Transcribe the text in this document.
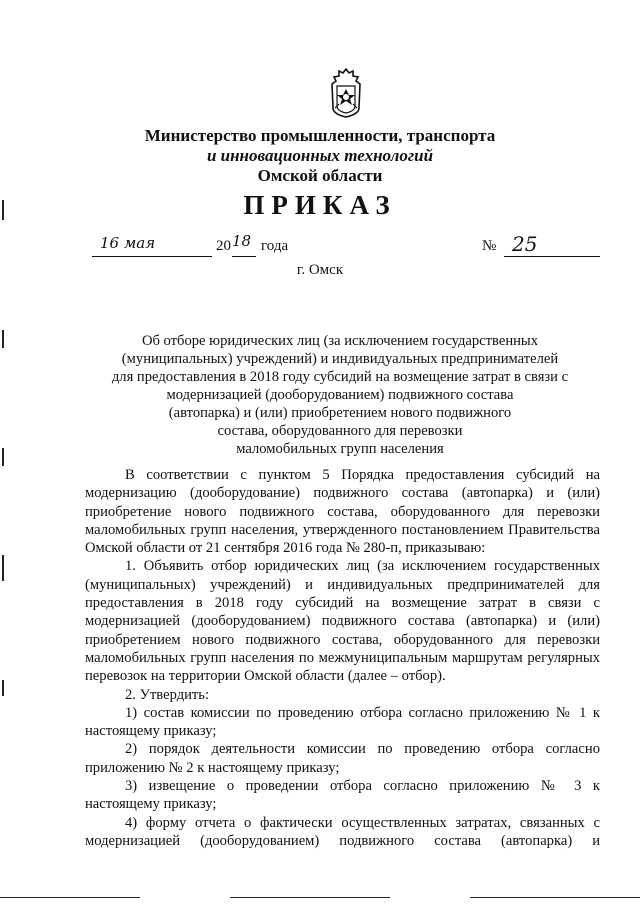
Министерство промышленности, транспорта
и инновационных технологий
Омской области
ПРИКАЗ
16 мая	20 18 года	№ 25
г. Омск
Об отборе юридических лиц (за исключением государственных
(муниципальных) учреждений) и индивидуальных предпринимателей
для предоставления в 2018 году субсидий на возмещение затрат в связи с
модернизацией (дооборудованием) подвижного состава
(автопарка) и (или) приобретением нового подвижного
состава, оборудованного для перевозки
маломобильных групп населения

В соответствии с пунктом 5 Порядка предоставления субсидий на модернизацию (дооборудование) подвижного состава (автопарка) и (или) приобретение нового подвижного состава, оборудованного для перевозки маломобильных групп населения, утвержденного постановлением Правительства Омской области от 21 сентября 2016 года № 280-п, приказываю:

1. Объявить отбор юридических лиц (за исключением государственных (муниципальных) учреждений) и индивидуальных предпринимателей для предоставления в 2018 году субсидий на возмещение затрат в связи с модернизацией (дооборудованием) подвижного состава (автопарка) и (или) приобретением нового подвижного состава, оборудованного для перевозки маломобильных групп населения по межмуниципальным маршрутам регулярных перевозок на территории Омской области (далее – отбор).

2. Утвердить:

1) состав комиссии по проведению отбора согласно приложению № 1 к настоящему приказу;

2) порядок деятельности комиссии по проведению отбора согласно приложению № 2 к настоящему приказу;

3) извещение о проведении отбора согласно приложению № 3 к настоящему приказу;

4) форму отчета о фактически осуществленных затратах, связанных с модернизацией (дооборудованием) подвижного состава (автопарка) и
